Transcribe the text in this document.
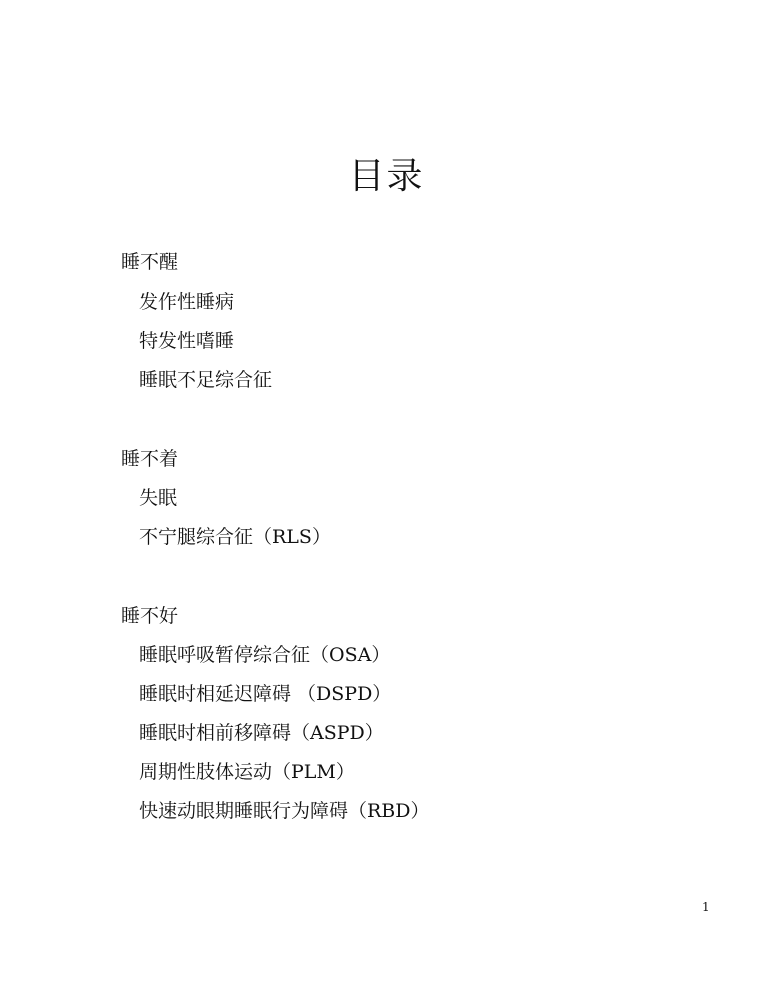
目录
睡不醒
发作性睡病
特发性嗜睡
睡眠不足综合征
睡不着
失眠
不宁腿综合征（RLS）
睡不好
睡眠呼吸暂停综合征（OSA）
睡眠时相延迟障碍 （DSPD）
睡眠时相前移障碍（ASPD）
周期性肢体运动（PLM）
快速动眼期睡眠行为障碍（RBD）
1
